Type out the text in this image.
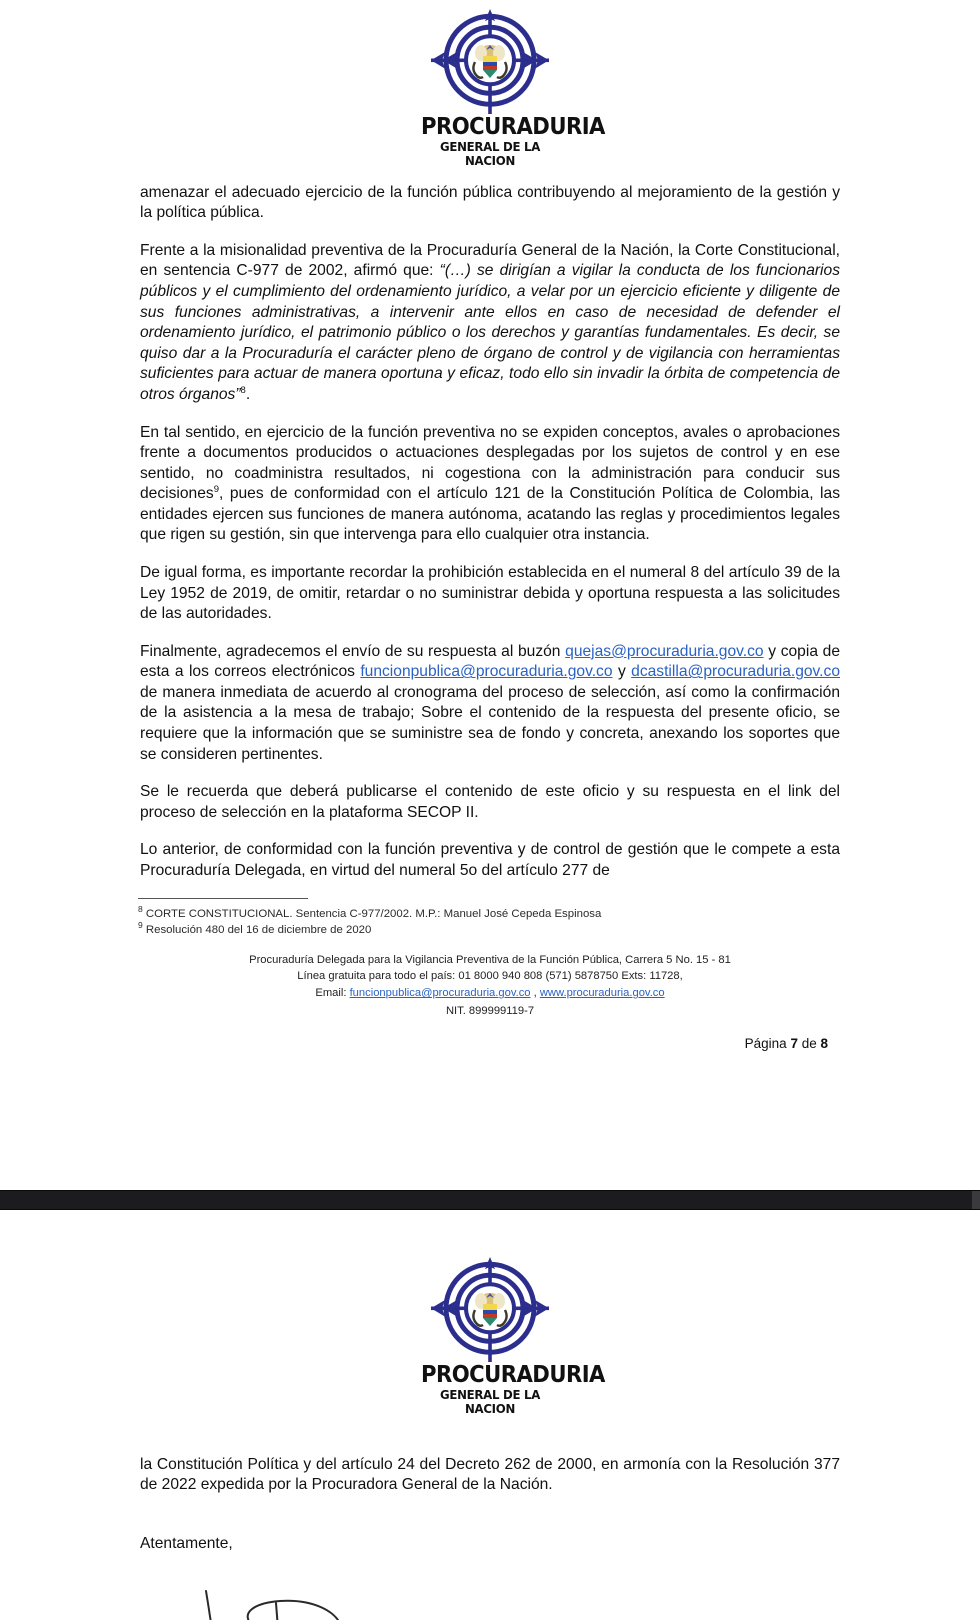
PROCURADURIA
GENERAL DE LA NACION

amenazar el adecuado ejercicio de la función pública contribuyendo al mejoramiento de la gestión y la política pública.

Frente a la misionalidad preventiva de la Procuraduría General de la Nación, la Corte Constitucional, en sentencia C-977 de 2002, afirmó que: “(…) se dirigían a vigilar la conducta de los funcionarios públicos y el cumplimiento del ordenamiento jurídico, a velar por un ejercicio eficiente y diligente de sus funciones administrativas, a intervenir ante ellos en caso de necesidad de defender el ordenamiento jurídico, el patrimonio público o los derechos y garantías fundamentales. Es decir, se quiso dar a la Procuraduría el carácter pleno de órgano de control y de vigilancia con herramientas suficientes para actuar de manera oportuna y eficaz, todo ello sin invadir la órbita de competencia de otros órganos”$^8$.

En tal sentido, en ejercicio de la función preventiva no se expiden conceptos, avales o aprobaciones frente a documentos producidos o actuaciones desplegadas por los sujetos de control y en ese sentido, no coadministra resultados, ni cogestiona con la administración para conducir sus decisiones$^9$, pues de conformidad con el artículo 121 de la Constitución Política de Colombia, las entidades ejercen sus funciones de manera autónoma, acatando las reglas y procedimientos legales que rigen su gestión, sin que intervenga para ello cualquier otra instancia.

De igual forma, es importante recordar la prohibición establecida en el numeral 8 del artículo 39 de la Ley 1952 de 2019, de omitir, retardar o no suministrar debida y oportuna respuesta a las solicitudes de las autoridades.

Finalmente, agradecemos el envío de su respuesta al buzón quejas@procuraduria.gov.co y copia de esta a los correos electrónicos funcionpublica@procuraduria.gov.co y dcastilla@procuraduria.gov.co de manera inmediata de acuerdo al cronograma del proceso de selección, así como la confirmación de la asistencia a la mesa de trabajo; Sobre el contenido de la respuesta del presente oficio, se requiere que la información que se suministre sea de fondo y concreta, anexando los soportes que se consideren pertinentes.

Se le recuerda que deberá publicarse el contenido de este oficio y su respuesta en el link del proceso de selección en la plataforma SECOP II.

Lo anterior, de conformidad con la función preventiva y de control de gestión que le compete a esta Procuraduría Delegada, en virtud del numeral 5o del artículo 277 de

$^8$ CORTE CONSTITUCIONAL. Sentencia C-977/2002. M.P.: Manuel José Cepeda Espinosa
$^9$ Resolución 480 del 16 de diciembre de 2020
Procuraduría Delegada para la Vigilancia Preventiva de la Función Pública, Carrera 5 No. 15 - 81
Línea gratuita para todo el país: 01 8000 940 808 (571) 5878750 Exts: 11728,
Email: funcionpublica@procuraduria.gov.co , www.procuraduria.gov.co
NIT. 899999119-7
Página 7 de 8
PROCURADURIA
GENERAL DE LA NACION

la Constitución Política y del artículo 24 del Decreto 262 de 2000, en armonía con la Resolución 377 de 2022 expedida por la Procuradora General de la Nación.

Atentamente,
